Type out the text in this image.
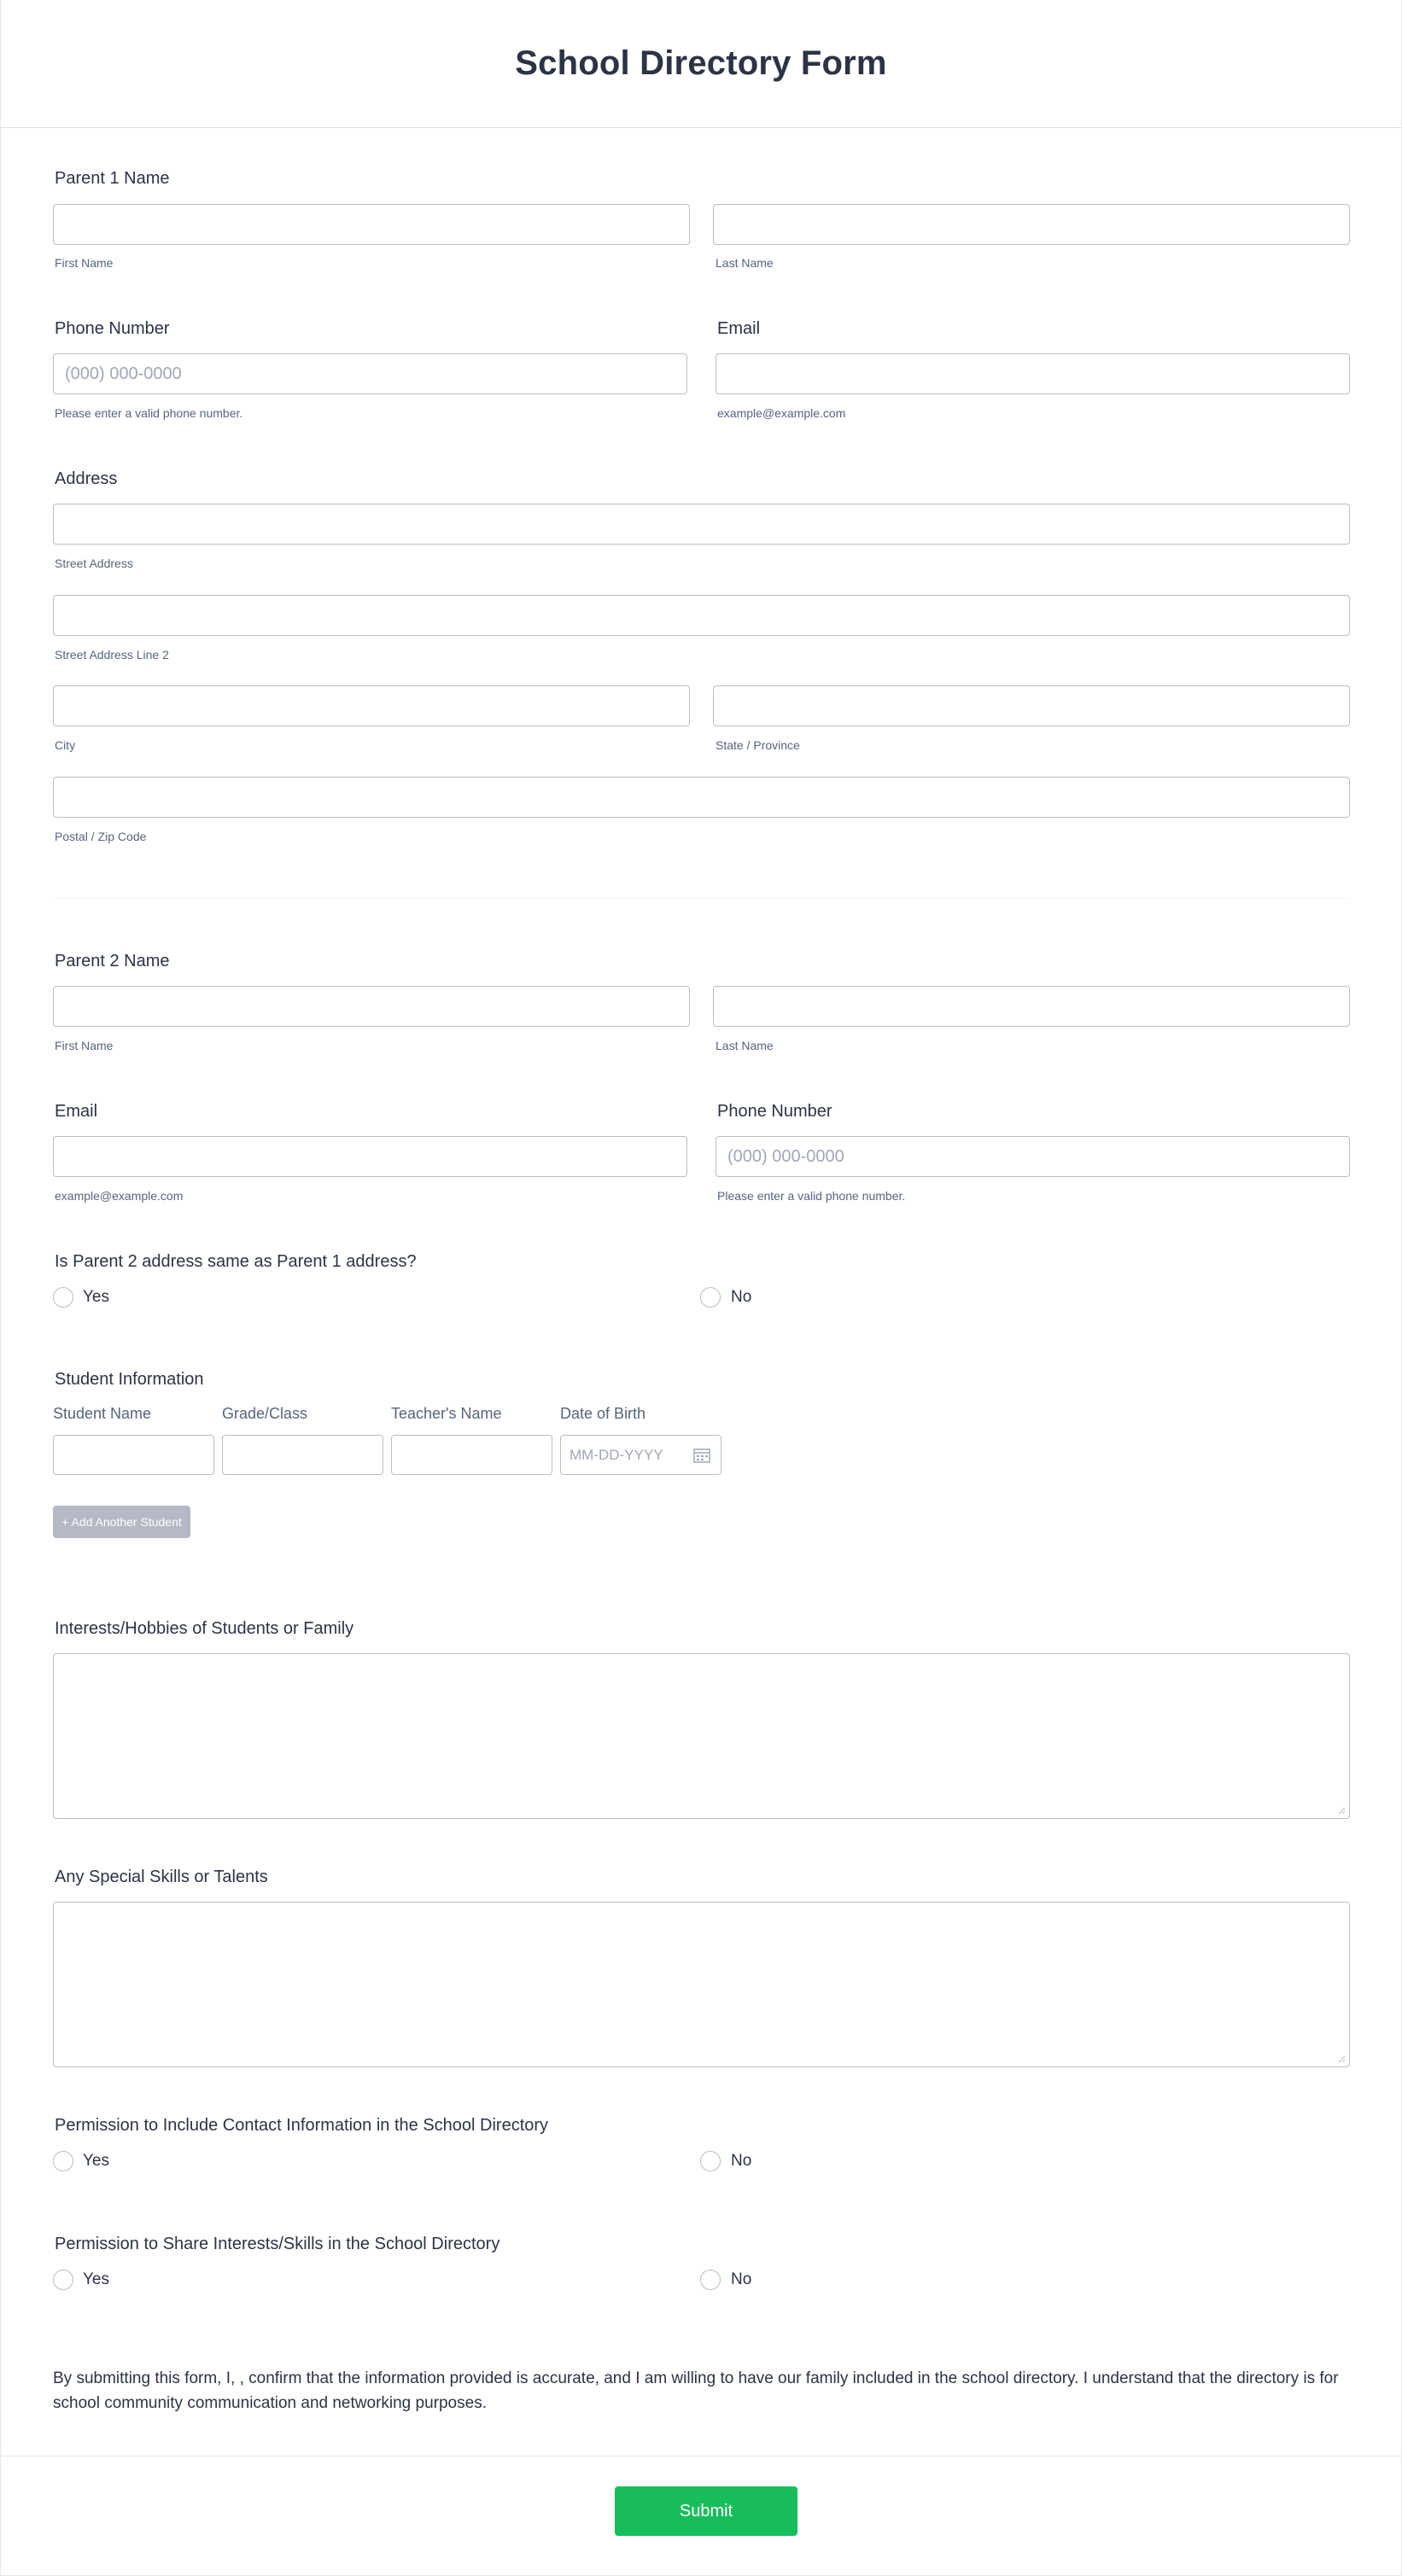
School Directory Form
Parent 1 Name
First Name	Last Name
Phone Number
(000) 000-0000
Please enter a valid phone number.
Email
example@example.com
Address
Street Address
Street Address Line 2
City	State / Province
Postal / Zip Code
Parent 2 Name
First Name	Last Name
Email
example@example.com
Phone Number
(000) 000-0000
Please enter a valid phone number.
Is Parent 2 address same as Parent 1 address?
Yes	No
Student Information
Student Name	Grade/Class	Teacher's Name	Date of Birth
MM-DD-YYYY
+ Add Another Student
Interests/Hobbies of Students or Family
Any Special Skills or Talents
Permission to Include Contact Information in the School Directory
Yes	No
Permission to Share Interests/Skills in the School Directory
Yes	No
By submitting this form, I, , confirm that the information provided is accurate, and I am willing to have our family included in the school directory. I understand that the directory is for school community communication and networking purposes.
Submit
